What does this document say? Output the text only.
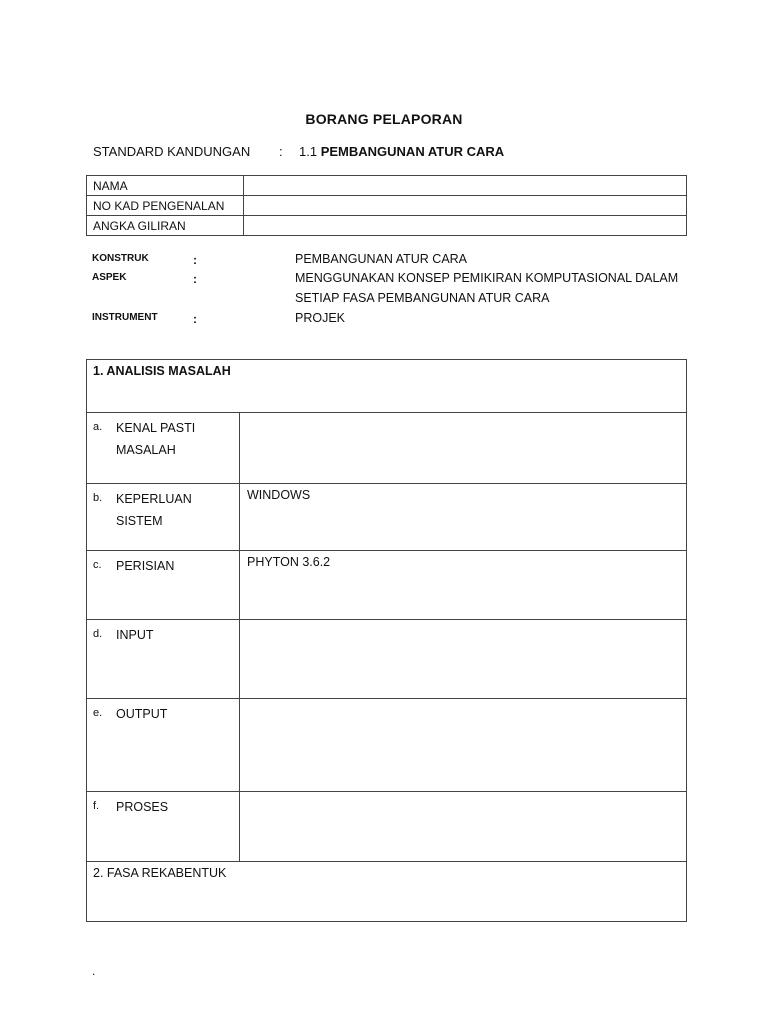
BORANG PELAPORAN
STANDARD KANDUNGAN : 1.1 PEMBANGUNAN ATUR CARA
NAMA	
NO KAD PENGENALAN	
ANGKA GILIRAN	
KONSTRUK	:	PEMBANGUNAN ATUR CARA
ASPEK	:	MENGGUNAKAN KONSEP PEMIKIRAN KOMPUTASIONAL DALAM
SETIAP FASA PEMBANGUNAN ATUR CARA
INSTRUMENT	:	PROJEK
1. ANALISIS MASALAH	

a. KENAL PASTI
MASALAH	

b. KEPERLUAN
SISTEM	WINDOWS

c. PERISIAN	PHYTON 3.6.2

d. INPUT	

e. OUTPUT	

f. PROSES	

2. FASA REKABENTUK	
.
